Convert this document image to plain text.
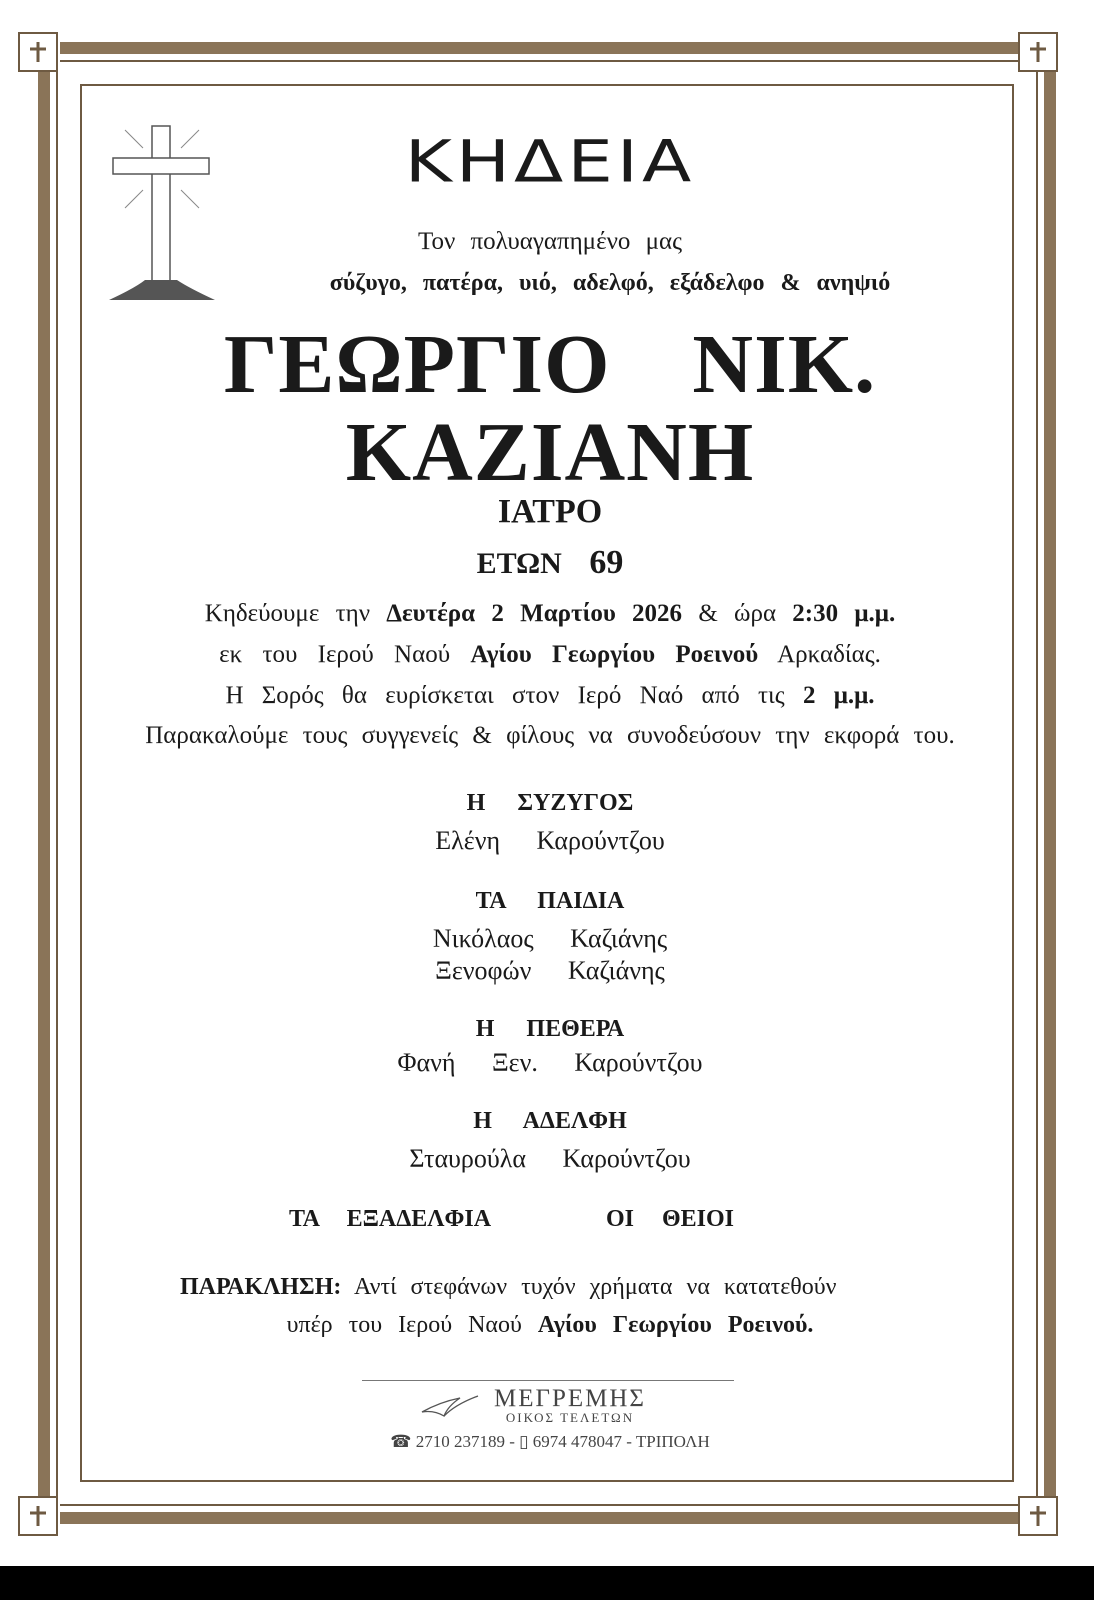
ΚΗΔΕΙΑ
Τον πολυαγαπημένο μας
σύζυγο, πατέρα, υιό, αδελφό, εξάδελφο & ανηψιό
ΓΕΩΡΓΙΟ ΝΙΚ.
ΚΑΖΙΑΝΗ
ΙΑΤΡΟ
ΕΤΩΝ 69
Κηδεύουμε την Δευτέρα 2 Μαρτίου 2026 & ώρα 2:30 μ.μ.
εκ του Ιερού Ναού Αγίου Γεωργίου Ροεινού Αρκαδίας.
Η Σορός θα ευρίσκεται στον Ιερό Ναό από τις 2 μ.μ.
Παρακαλούμε τους συγγενείς & φίλους να συνοδεύσουν την εκφορά του.
Η ΣΥΖΥΓΟΣ
Ελένη Καρούντζου
ΤΑ ΠΑΙΔΙΑ
Νικόλαος Καζιάνης
Ξενοφών Καζιάνης
Η ΠΕΘΕΡΑ
Φανή Ξεν. Καρούντζου
Η ΑΔΕΛΦΗ
Σταυρούλα Καρούντζου
ΤΑ ΕΞΑΔΕΛΦΙΑ	ΟΙ ΘΕΙΟΙ
ΠΑΡΑΚΛΗΣΗ: Αντί στεφάνων τυχόν χρήματα να κατατεθούν
υπέρ του Ιερού Ναού Αγίου Γεωργίου Ροεινού.
ΜΕΓΡΕΜΗΣ
ΟΙΚΟΣ ΤΕΛΕΤΩΝ
☎ 2710 237189 - ▯ 6974 478047 - ΤΡΙΠΟΛΗ
